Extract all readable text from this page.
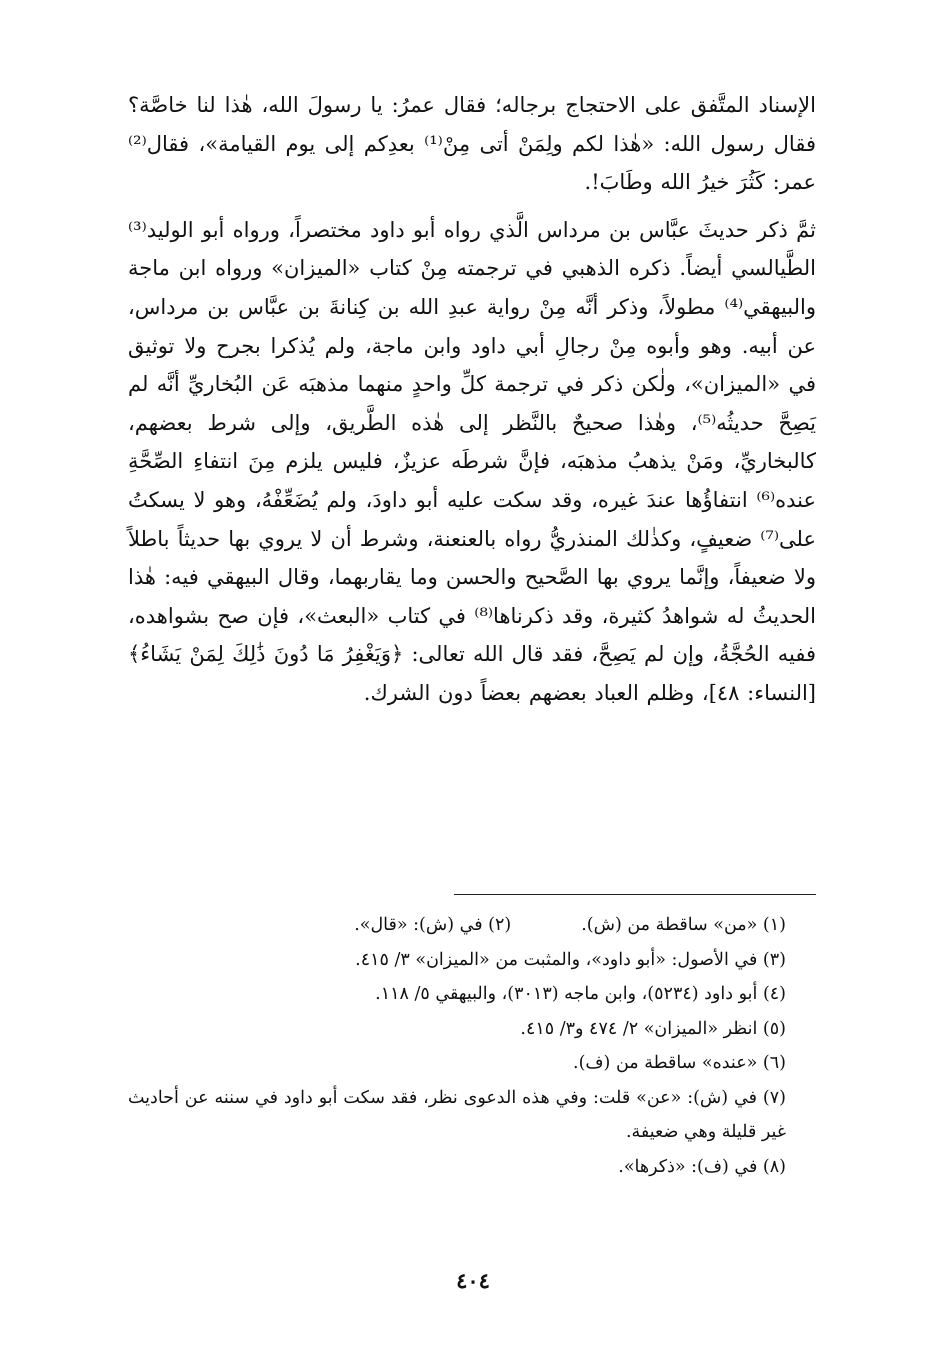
الإسناد المتَّفق على الاحتجاج برجاله؛ فقال عمرُ: يا رسولَ الله، هٰذا لنا خاصَّة؟ فقال رسول الله: «هٰذا لكم ولِمَنْ أتى مِنْ⁽¹⁾ بعدِكم إلى يوم القيامة»، فقال⁽²⁾ عمر: كَثُرَ خيرُ الله وطَابَ!.

ثمَّ ذكر حديثَ عبَّاس بن مرداس الَّذي رواه أبو داود مختصراً، ورواه أبو الوليد⁽³⁾ الطَّيالسي أيضاً. ذكره الذهبي في ترجمته مِنْ كتاب «الميزان» ورواه ابن ماجة والبيهقي⁽⁴⁾ مطولاً، وذكر أنَّه مِنْ رواية عبدِ الله بن كِنانةَ بن عبَّاس بن مرداس، عن أبيه. وهو وأبوه مِنْ رجالِ أبي داود وابن ماجة، ولم يُذكرا بجرح ولا توثيق في «الميزان»، ولٰكن ذكر في ترجمة كلِّ واحدٍ منهما مذهبَه عَن البُخاريِّ أنَّه لم يَصِحَّ حديثُه⁽⁵⁾، وهٰذا صحيحٌ بالنَّظر إلى هٰذه الطَّريق، وإلى شرط بعضهم، كالبخاريِّ، ومَنْ يذهبُ مذهبَه، فإنَّ شرطَه عزيزٌ، فليس يلزم مِنَ انتفاءِ الصِّحَّةِ عنده⁽⁶⁾ انتفاؤُها عندَ غيره، وقد سكت عليه أبو داودَ، ولم يُضَعِّفْهُ، وهو لا يسكتُ على⁽⁷⁾ ضعيفٍ، وكذٰلك المنذريُّ رواه بالعنعنة، وشرط أن لا يروي بها حديثاً باطلاً ولا ضعيفاً، وإنَّما يروي بها الصَّحيح والحسن وما يقاربهما، وقال البيهقي فيه: هٰذا الحديثُ له شواهدُ كثيرة، وقد ذكرناها⁽⁸⁾ في كتاب «البعث»، فإن صح بشواهده، ففيه الحُجَّةُ، وإن لم يَصِحَّ، فقد قال الله تعالى: ﴿وَيَغْفِرُ مَا دُونَ ذَٰلِكَ لِمَنْ يَشَاءُ﴾ [النساء: ٤٨]، وظلم العباد بعضهم بعضاً دون الشرك.

(١) «من» ساقطة من (ش).
(٢) في (ش): «قال».

(٣) في الأصول: «أبو داود»، والمثبت من «الميزان» ٣/ ٤١٥.

(٤) أبو داود (٥٢٣٤)، وابن ماجه (٣٠١٣)، والبيهقي ٥/ ١١٨.

(٥) انظر «الميزان» ٢/ ٤٧٤ و٣/ ٤١٥.

(٦) «عنده» ساقطة من (ف).

(٧) في (ش): «عن» قلت: وفي هذه الدعوى نظر، فقد سكت أبو داود في سننه عن أحاديث غير قليلة وهي ضعيفة.

(٨) في (ف): «ذكرها».

٤٠٤
